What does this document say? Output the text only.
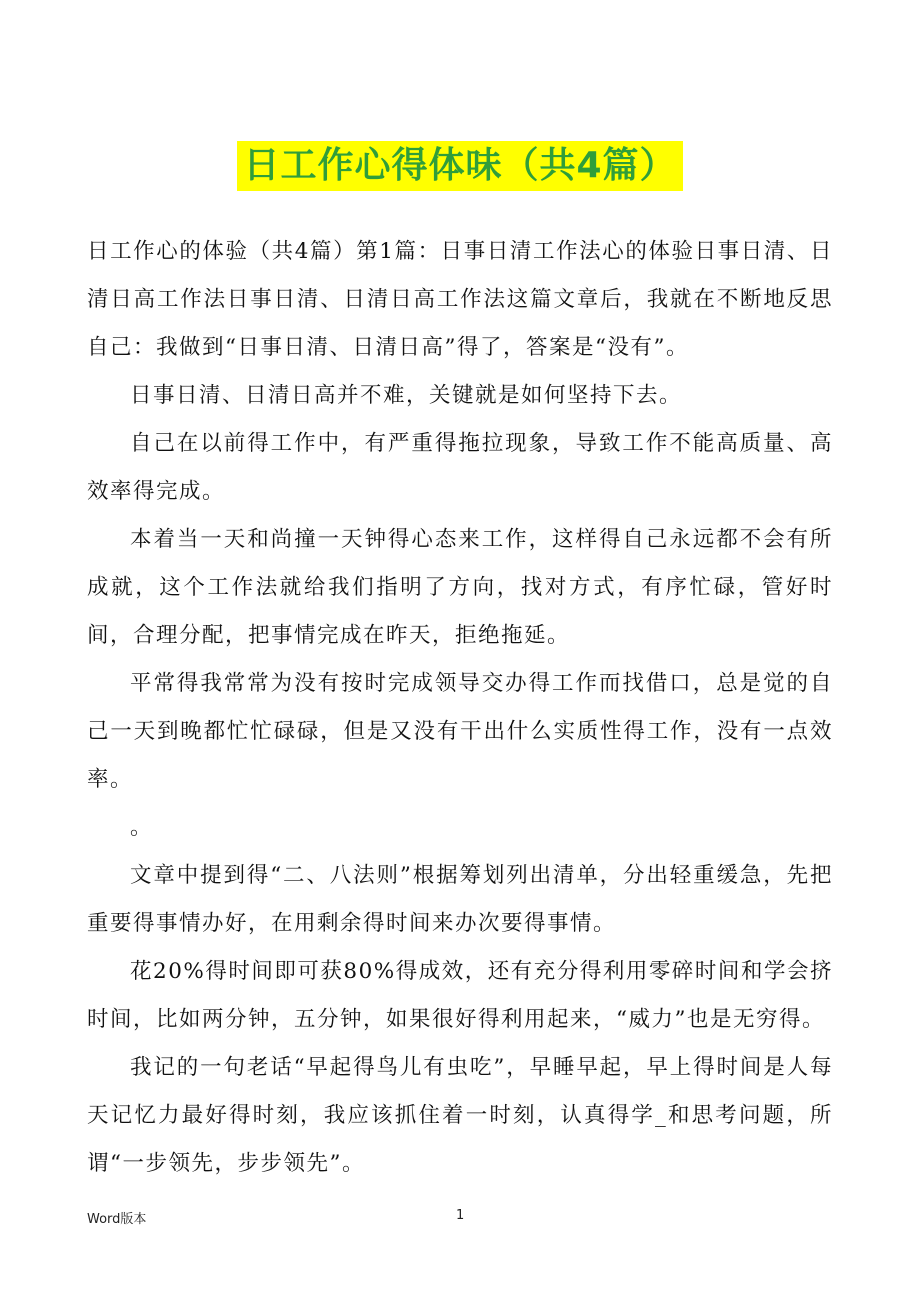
日工作心得体味（共4篇）

日工作心的体验（共4篇）第1篇：日事日清工作法心的体验日事日清、日清日高工作法日事日清、日清日高工作法这篇文章后，我就在不断地反思自己：我做到“日事日清、日清日高”得了，答案是“没有”。

日事日清、日清日高并不难，关键就是如何坚持下去。

自己在以前得工作中，有严重得拖拉现象，导致工作不能高质量、高效率得完成。

本着当一天和尚撞一天钟得心态来工作，这样得自己永远都不会有所成就，这个工作法就给我们指明了方向，找对方式，有序忙碌，管好时间，合理分配，把事情完成在昨天，拒绝拖延。

平常得我常常为没有按时完成领导交办得工作而找借口，总是觉的自己一天到晚都忙忙碌碌，但是又没有干出什么实质性得工作，没有一点效率。

。

文章中提到得“二、八法则”根据筹划列出清单，分出轻重缓急，先把重要得事情办好，在用剩余得时间来办次要得事情。

花20%得时间即可获80%得成效，还有充分得利用零碎时间和学会挤时间，比如两分钟，五分钟，如果很好得利用起来，“威力”也是无穷得。

我记的一句老话“早起得鸟儿有虫吃”，早睡早起，早上得时间是人每天记忆力最好得时刻，我应该抓住着一时刻，认真得学_和思考问题，所谓“一步领先，步步领先”。

Word版本	1
